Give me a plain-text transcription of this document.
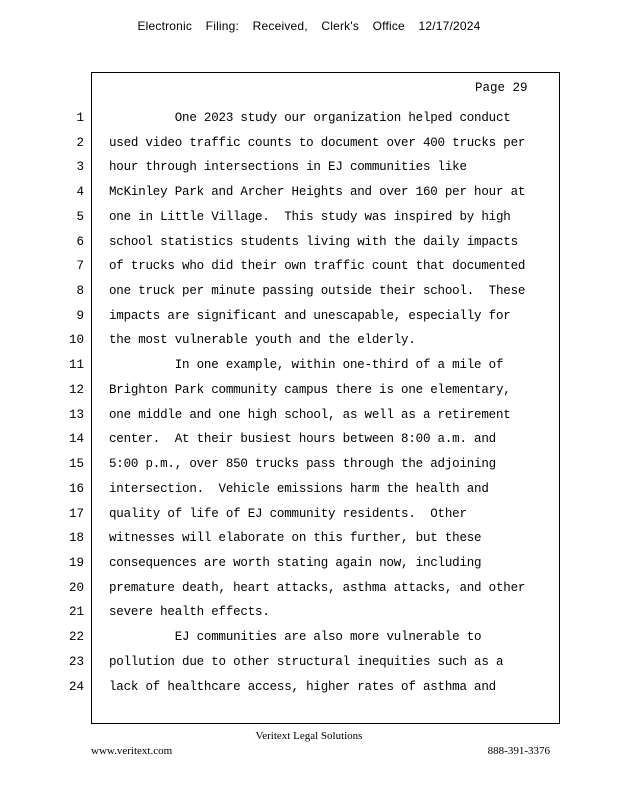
Electronic Filing: Received, Clerk's Office 12/17/2024
Page 29
1 One 2023 study our organization helped conduct
2 used video traffic counts to document over 400 trucks per
3 hour through intersections in EJ communities like
4 McKinley Park and Archer Heights and over 160 per hour at
5 one in Little Village.  This study was inspired by high
6 school statistics students living with the daily impacts
7 of trucks who did their own traffic count that documented
8 one truck per minute passing outside their school.  These
9 impacts are significant and unescapable, especially for
10 the most vulnerable youth and the elderly.
11 In one example, within one-third of a mile of
12 Brighton Park community campus there is one elementary,
13 one middle and one high school, as well as a retirement
14 center.  At their busiest hours between 8:00 a.m. and
15 5:00 p.m., over 850 trucks pass through the adjoining
16 intersection.  Vehicle emissions harm the health and
17 quality of life of EJ community residents.  Other
18 witnesses will elaborate on this further, but these
19 consequences are worth stating again now, including
20 premature death, heart attacks, asthma attacks, and other
21 severe health effects.
22 EJ communities are also more vulnerable to
23 pollution due to other structural inequities such as a
24 lack of healthcare access, higher rates of asthma and
Veritext Legal Solutions
www.veritext.com	888-391-3376
